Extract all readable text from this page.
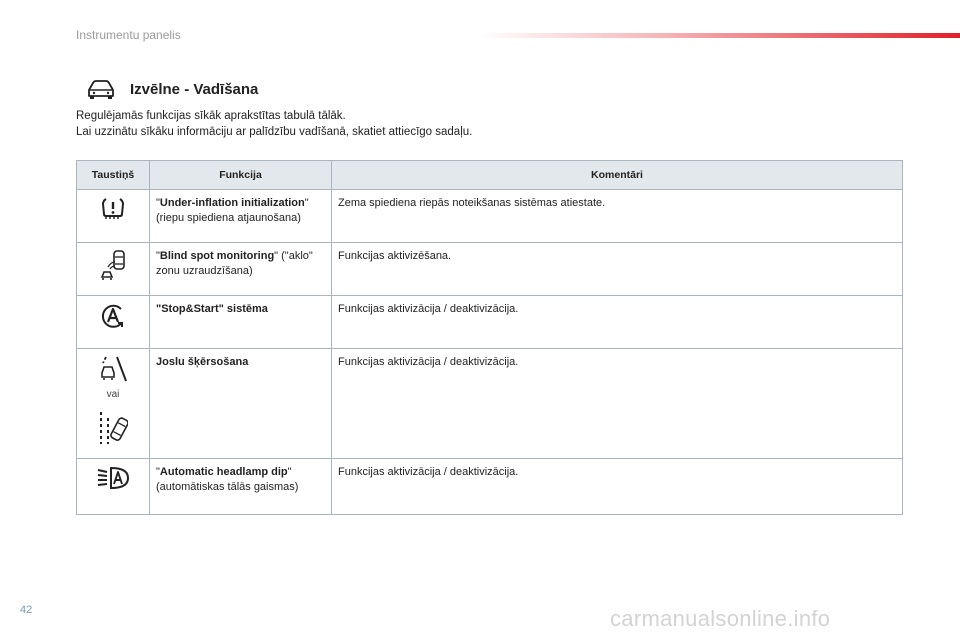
Instrumentu panelis
Izvēlne - Vadīšana
Regulējamās funkcijas sīkāk aprakstītas tabulā tālāk.
Lai uzzinātu sīkāku informāciju ar palīdzību vadīšanā, skatiet attiecīgo sadaļu.
Taustiņš	Funkcija	Komentāri

	"Under-inflation initialization" (riepu spiediena atjaunošana)	Zema spiediena riepās noteikšanas sistēmas atiestate.

	"Blind spot monitoring" ("aklo" zonu uzraudzīšana)	Funkcijas aktivizēšana.

	"Stop&Start" sistēma	Funkcijas aktivizācija / deaktivizācija.

vai	Joslu šķērsošana	Funkcijas aktivizācija / deaktivizācija.

	"Automatic headlamp dip" (automātiskas tālās gaismas)	Funkcijas aktivizācija / deaktivizācija.
42	carmanualsonline.info
